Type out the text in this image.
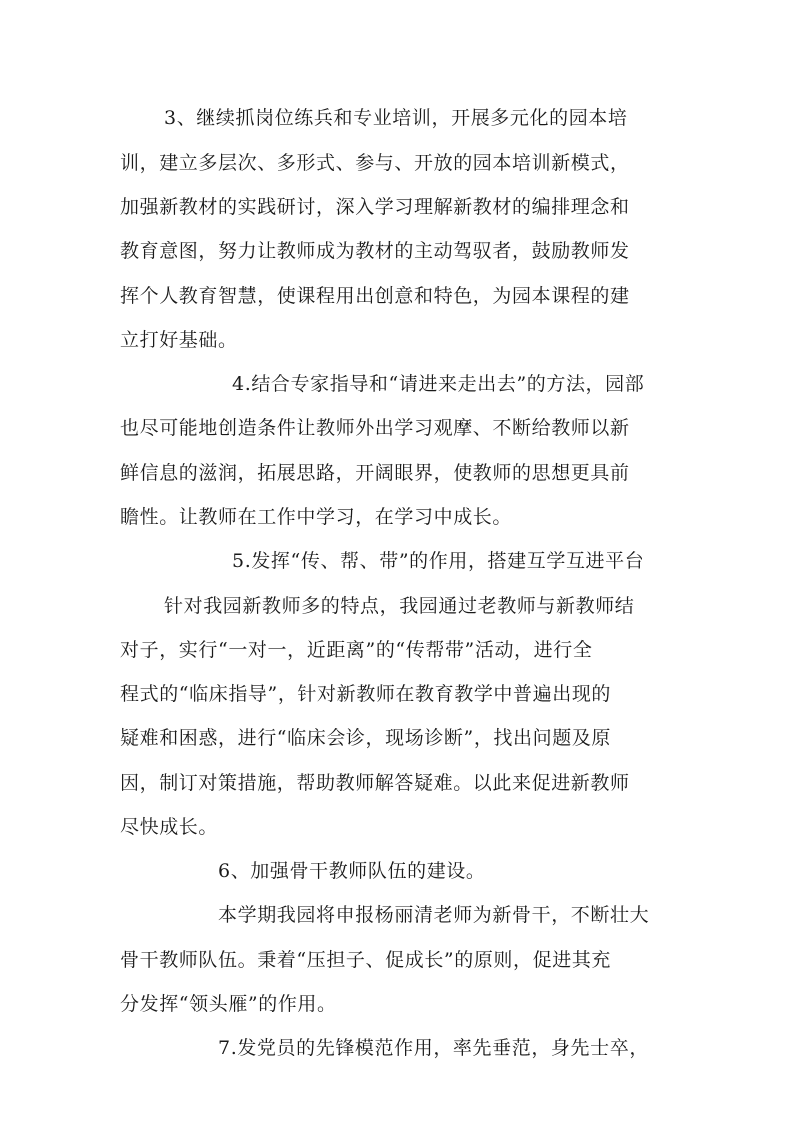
3、继续抓岗位练兵和专业培训，开展多元化的园本培
训，建立多层次、多形式、参与、开放的园本培训新模式，
加强新教材的实践研讨，深入学习理解新教材的编排理念和
教育意图，努力让教师成为教材的主动驾驭者，鼓励教师发
挥个人教育智慧，使课程用出创意和特色，为园本课程的建
立打好基础。
4.结合专家指导和“请进来走出去”的方法，园部
也尽可能地创造条件让教师外出学习观摩、不断给教师以新
鲜信息的滋润，拓展思路，开阔眼界，使教师的思想更具前
瞻性。让教师在工作中学习，在学习中成长。
5.发挥“传、帮、带”的作用，搭建互学互进平台
针对我园新教师多的特点，我园通过老教师与新教师结
对子，实行“一对一，近距离”的“传帮带”活动，进行全
程式的“临床指导”，针对新教师在教育教学中普遍出现的
疑难和困惑，进行“临床会诊，现场诊断”，找出问题及原
因，制订对策措施，帮助教师解答疑难。以此来促进新教师
尽快成长。
6、加强骨干教师队伍的建设。
本学期我园将申报杨丽清老师为新骨干，不断壮大
骨干教师队伍。秉着“压担子、促成长”的原则，促进其充
分发挥“领头雁”的作用。
7.发党员的先锋模范作用，率先垂范，身先士卒，
